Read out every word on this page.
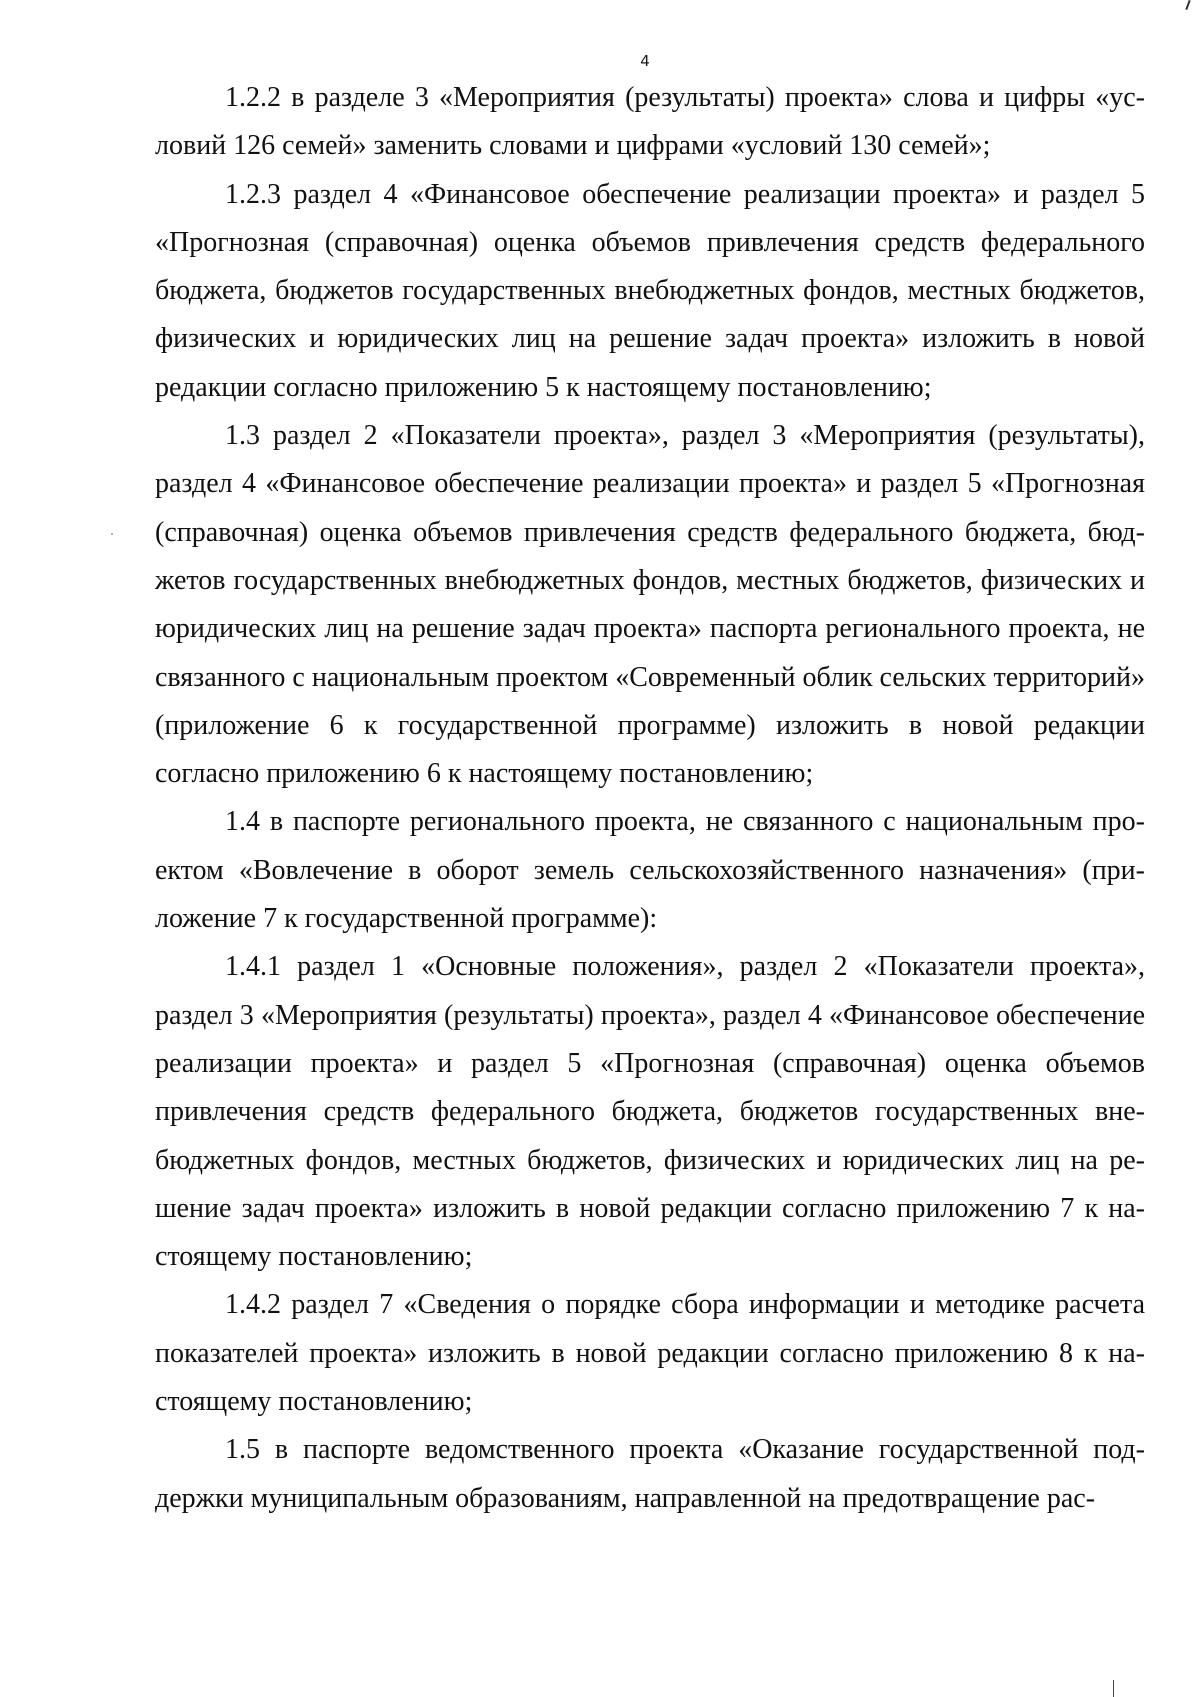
4

1.2.2 в разделе 3 «Мероприятия (результаты) проекта» слова и цифры «условий 126 семей» заменить словами и цифрами «условий 130 семей»;

1.2.3 раздел 4 «Финансовое обеспечение реализации проекта» и раздел 5 «Прогнозная (справочная) оценка объемов привлечения средств федерального бюджета, бюджетов государственных внебюджетных фондов, местных бюджетов, физических и юридических лиц на решение задач проекта» изложить в новой редакции согласно приложению 5 к настоящему постановлению;

1.3 раздел 2 «Показатели проекта», раздел 3 «Мероприятия (результаты), раздел 4 «Финансовое обеспечение реализации проекта» и раздел 5 «Прогнозная (справочная) оценка объемов привлечения средств федерального бюджета, бюджетов государственных внебюджетных фондов, местных бюджетов, физических и юридических лиц на решение задач проекта» паспорта регионального проекта, не связанного с национальным проектом «Современный облик сельских территорий» (приложение 6 к государственной программе) изложить в новой редакции согласно приложению 6 к настоящему постановлению;

1.4 в паспорте регионального проекта, не связанного с национальным проектом «Вовлечение в оборот земель сельскохозяйственного назначения» (приложение 7 к государственной программе):

1.4.1 раздел 1 «Основные положения», раздел 2 «Показатели проекта», раздел 3 «Мероприятия (результаты) проекта», раздел 4 «Финансовое обеспечение реализации проекта» и раздел 5 «Прогнозная (справочная) оценка объемов привлечения средств федерального бюджета, бюджетов государственных внебюджетных фондов, местных бюджетов, физических и юридических лиц на решение задач проекта» изложить в новой редакции согласно приложению 7 к настоящему постановлению;

1.4.2 раздел 7 «Сведения о порядке сбора информации и методике расчета показателей проекта» изложить в новой редакции согласно приложению 8 к настоящему постановлению;

1.5 в паспорте ведомственного проекта «Оказание государственной поддержки муниципальным образованиям, направленной на предотвращение рас-
